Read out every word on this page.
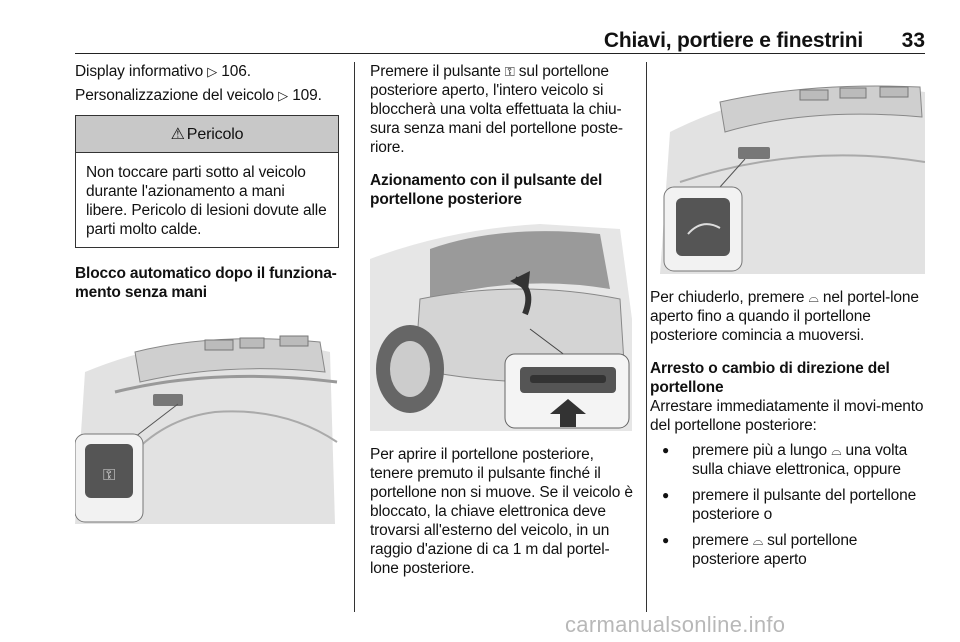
Chiavi, portiere e finestrini 33

Display informativo ▷ 106.

Personalizzazione del veicolo ▷ 109.

⚠ Pericolo
Non toccare parti sotto al veicolo durante l'azionamento a mani libere. Pericolo di lesioni dovute alle parti molto calde.

Blocco automatico dopo il funziona-mento senza mani

⚿

Premere il pulsante ⚿ sul portellone posteriore aperto, l'intero veicolo si bloccherà una volta effettuata la chiu-sura senza mani del portellone poste-riore.

Azionamento con il pulsante del portellone posteriore

Per aprire il portellone posteriore, tenere premuto il pulsante finché il portellone non si muove. Se il veicolo è bloccato, la chiave elettronica deve trovarsi all'esterno del veicolo, in un raggio d'azione di ca 1 m dal portel-lone posteriore.

Per chiuderlo, premere ⌓ nel portel-lone aperto fino a quando il portellone posteriore comincia a muoversi.

Arresto o cambio di direzione del portellone

Arrestare immediatamente il movi-mento del portellone posteriore:

● premere più a lungo ⌓ una volta sulla chiave elettronica, oppure
● premere il pulsante del portellone posteriore o
● premere ⌓ sul portellone posteriore aperto
carmanualsonline.info
